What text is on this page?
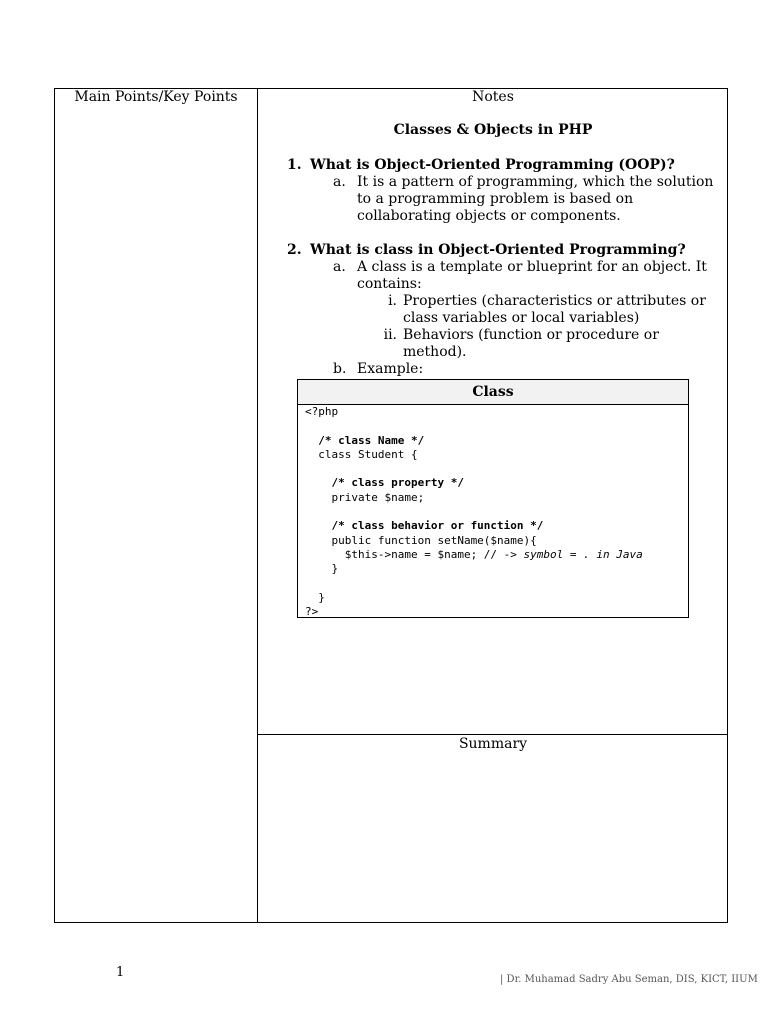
Main Points/Key Points	Notes
Summary
Classes & Objects in PHP
1. What is Object-Oriented Programming (OOP)?
a. It is a pattern of programming, which the solution to a programming problem is based on collaborating objects or components.
2. What is class in Object-Oriented Programming?
a. A class is a template or blueprint for an object. It contains:
i. Properties (characteristics or attributes or class variables or local variables)
ii. Behaviors (function or procedure or method).
b. Example:
Class
<?php

/* class Name */
class Student {

/* class property */
private $name;

/* class behavior or function */
public function setName($name){
$this->name = $name; // -> symbol = . in Java
}

}
?>
1	| Dr. Muhamad Sadry Abu Seman, DIS, KICT, IIUM
